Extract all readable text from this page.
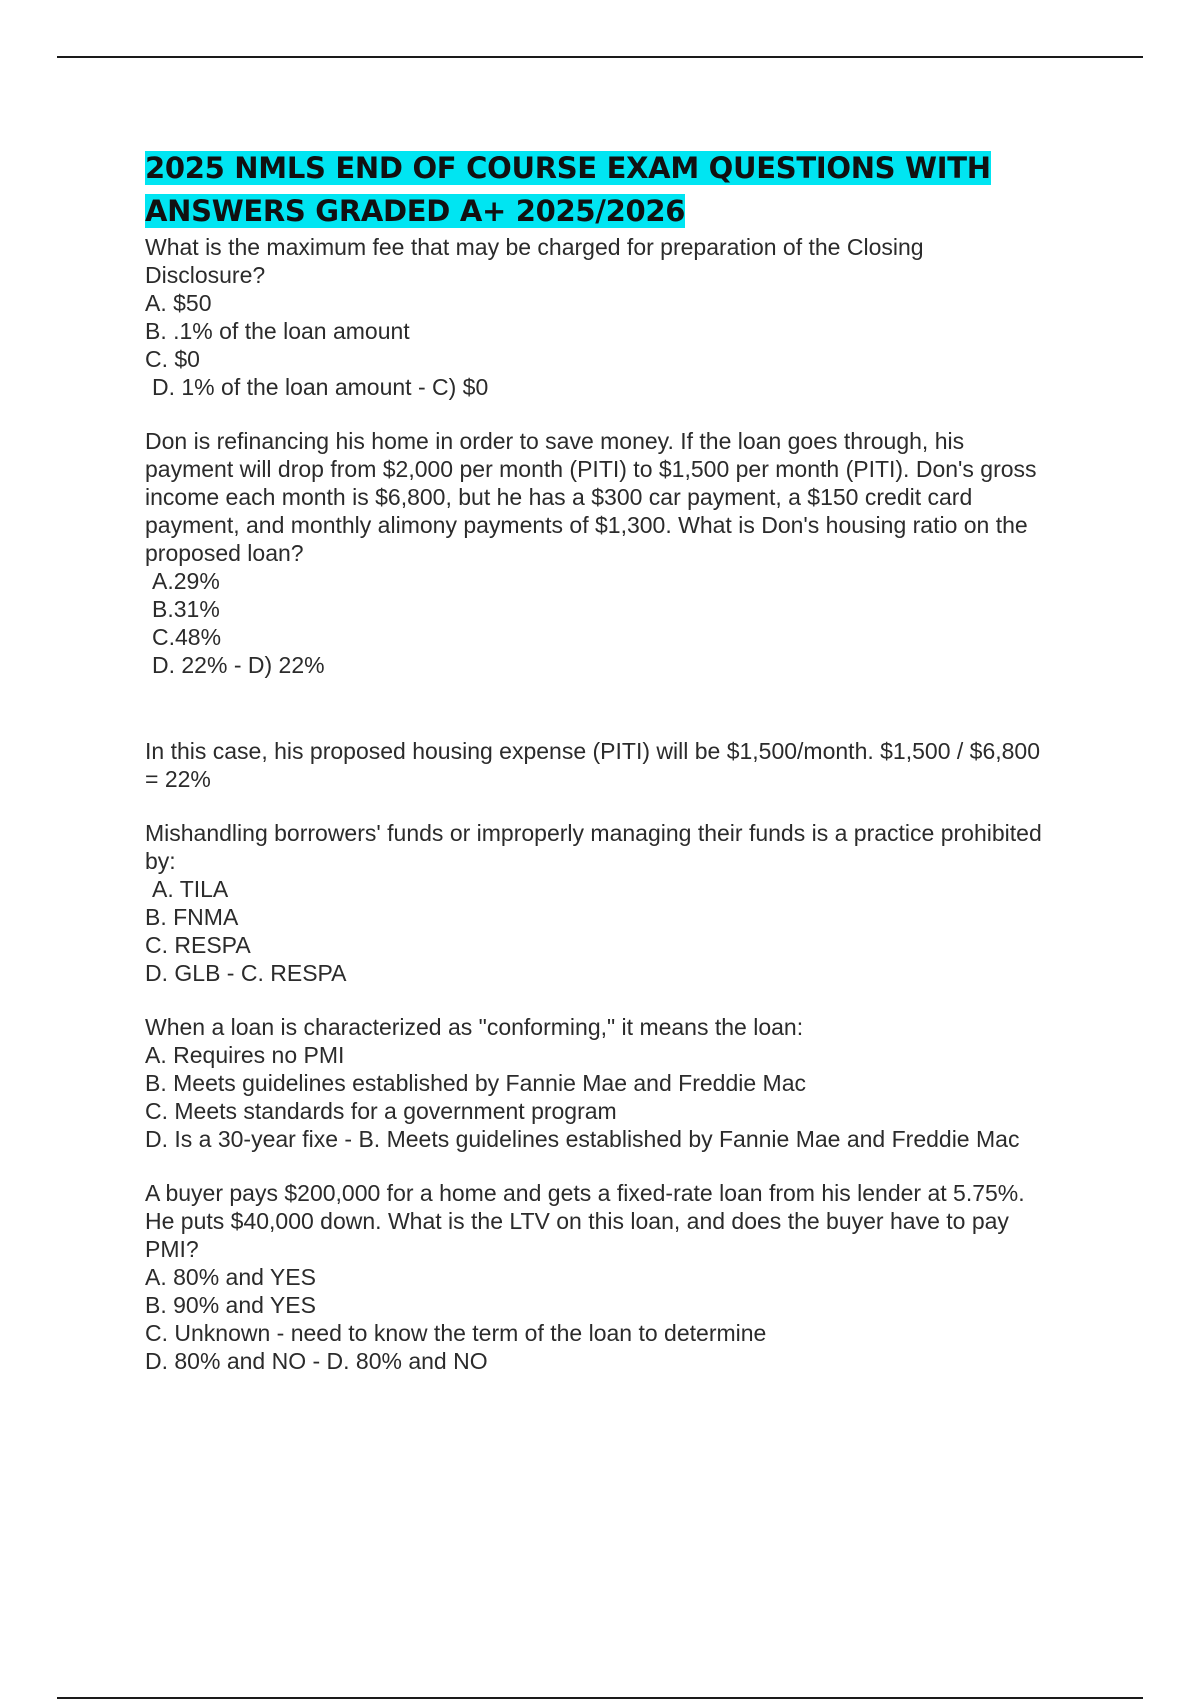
2025 NMLS END OF COURSE EXAM QUESTIONS WITH ANSWERS GRADED A+ 2025/2026

What is the maximum fee that may be charged for preparation of the Closing

Disclosure?

A. $50

B. .1% of the loan amount

C. $0

D. 1% of the loan amount - C) $0

Don is refinancing his home in order to save money. If the loan goes through, his

payment will drop from $2,000 per month (PITI) to $1,500 per month (PITI). Don's gross

income each month is $6,800, but he has a $300 car payment, a $150 credit card

payment, and monthly alimony payments of $1,300. What is Don's housing ratio on the

proposed loan?

A.29%

B.31%

C.48%

D. 22% - D) 22%

In this case, his proposed housing expense (PITI) will be $1,500/month. $1,500 / $6,800

= 22%

Mishandling borrowers' funds or improperly managing their funds is a practice prohibited

by:

A. TILA

B. FNMA

C. RESPA

D. GLB - C. RESPA

When a loan is characterized as "conforming," it means the loan:

A. Requires no PMI

B. Meets guidelines established by Fannie Mae and Freddie Mac

C. Meets standards for a government program

D. Is a 30-year fixe - B. Meets guidelines established by Fannie Mae and Freddie Mac

A buyer pays $200,000 for a home and gets a fixed-rate loan from his lender at 5.75%.

He puts $40,000 down. What is the LTV on this loan, and does the buyer have to pay

PMI?

A. 80% and YES

B. 90% and YES

C. Unknown - need to know the term of the loan to determine

D. 80% and NO - D. 80% and NO
